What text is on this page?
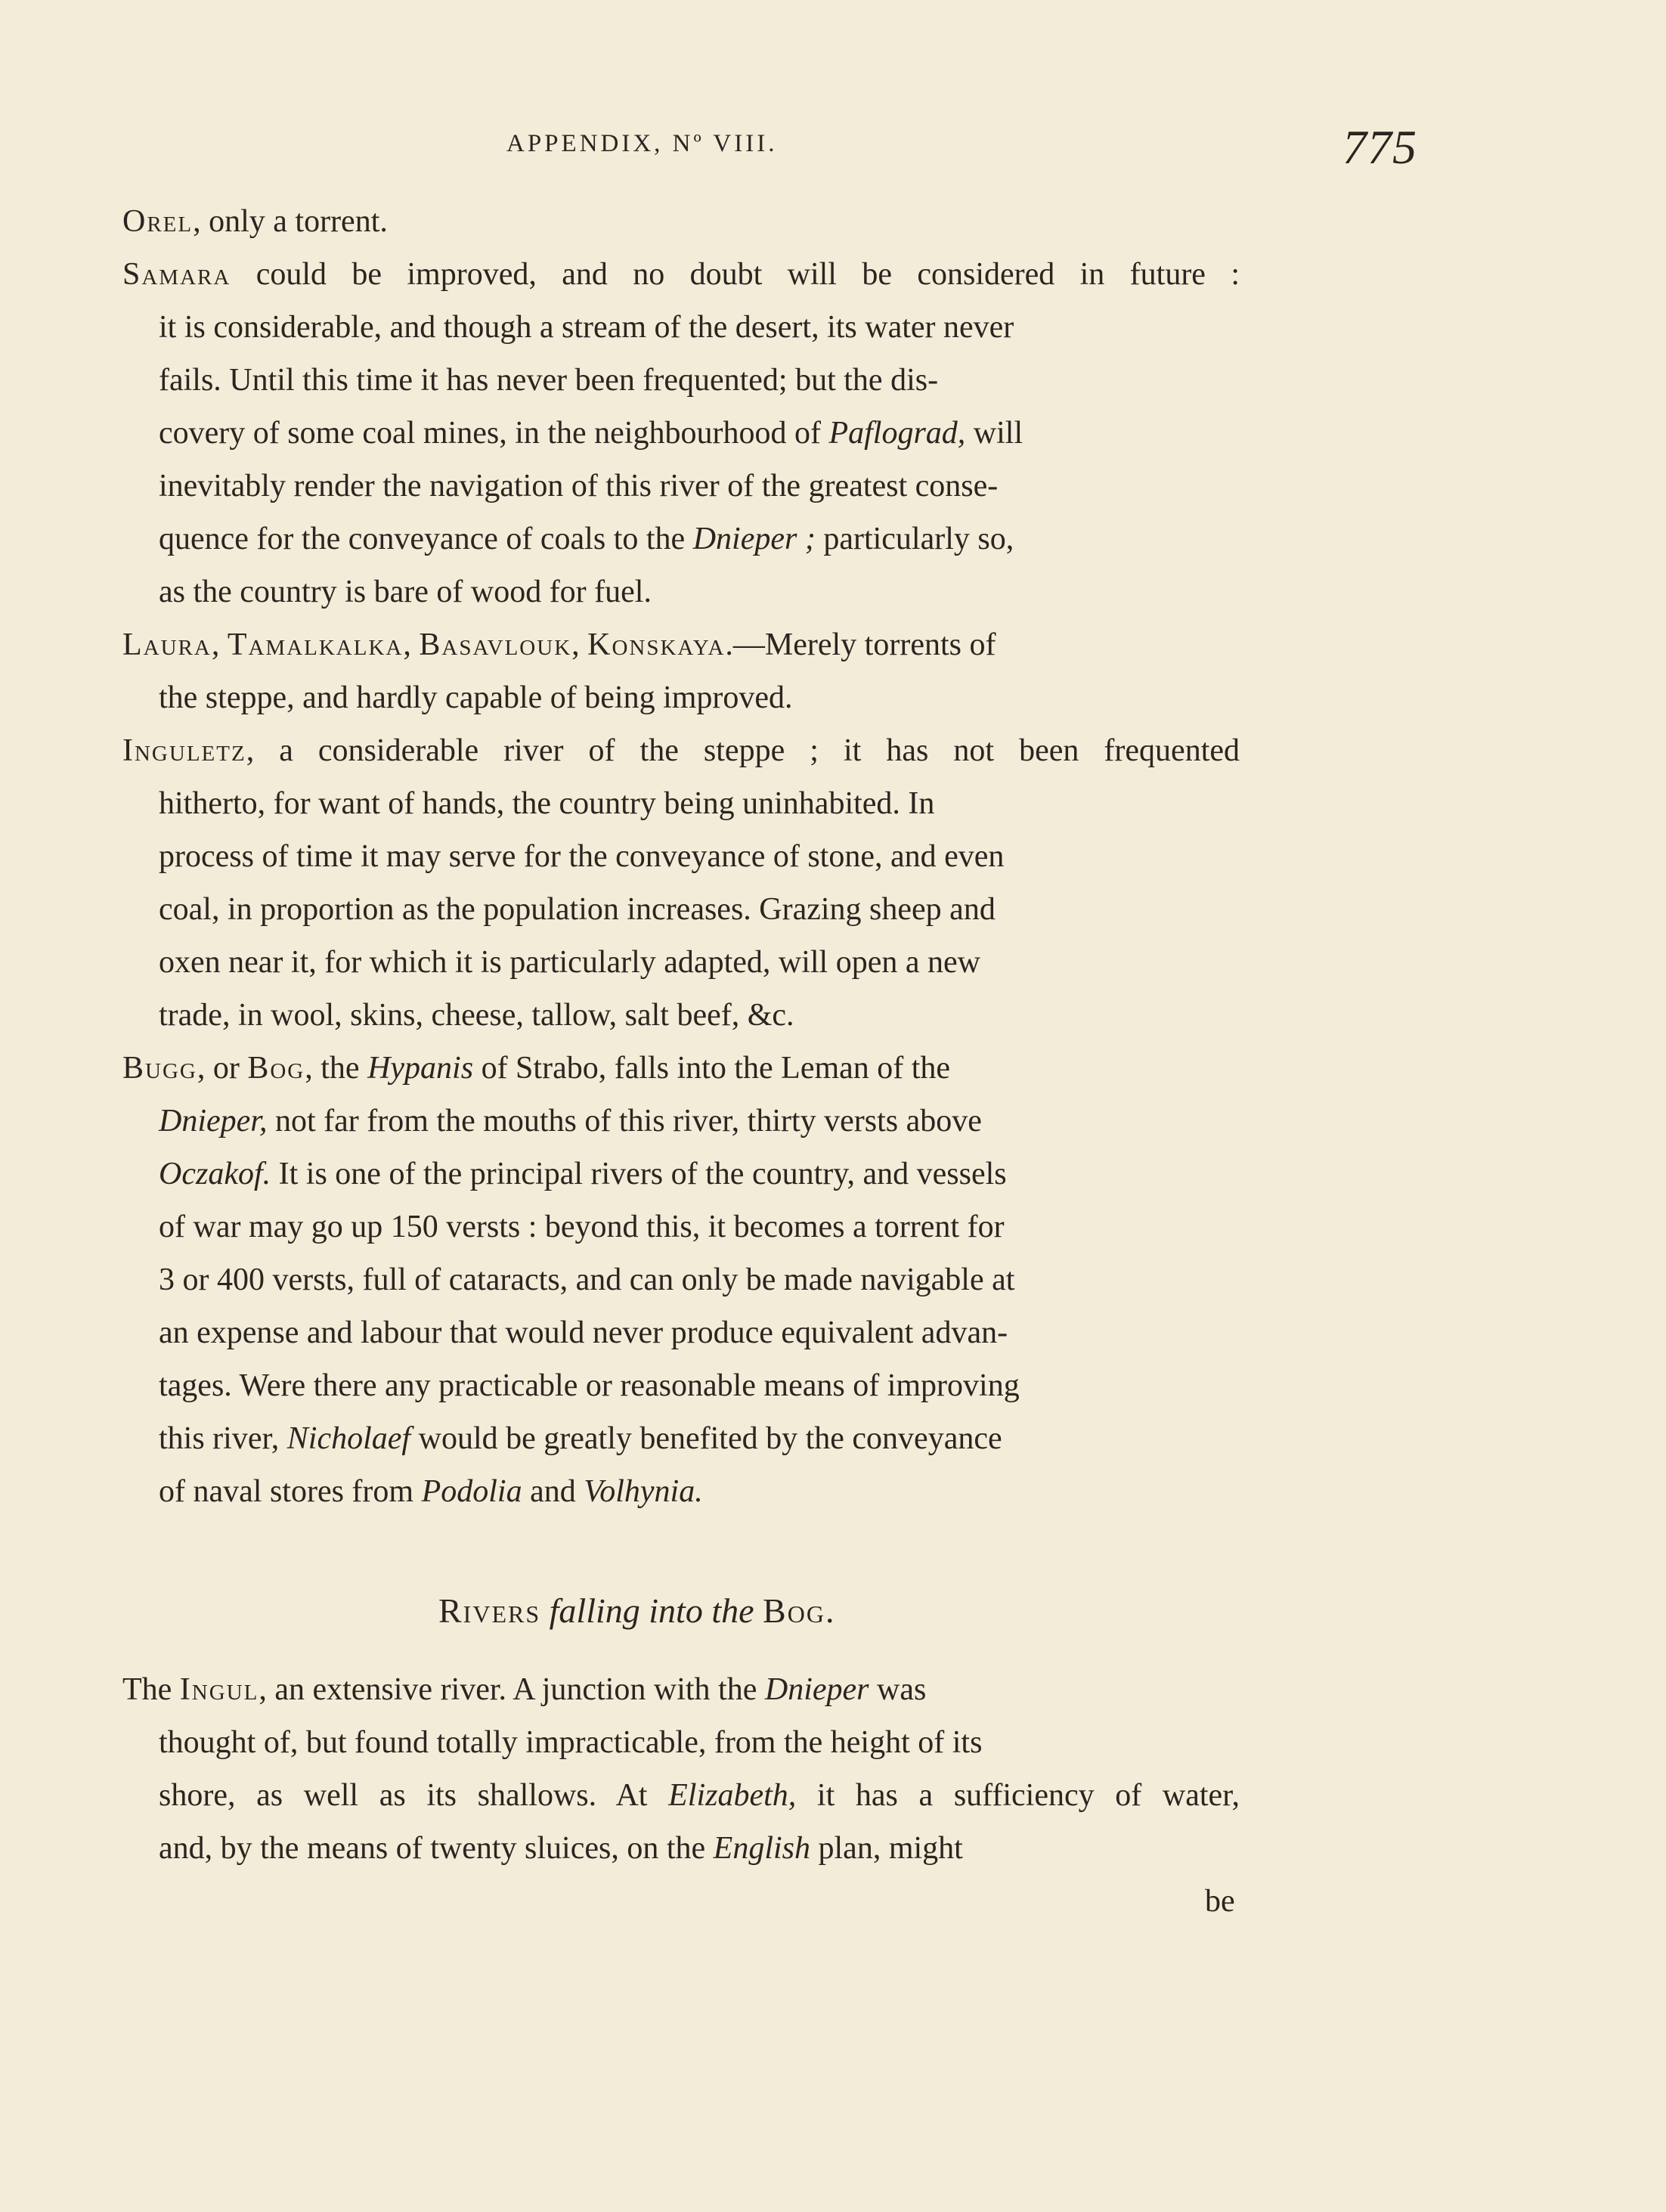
APPENDIX, Nº VIII.	775
Orel, only a torrent.
Samara could be improved, and no doubt will be considered in future :
it is considerable, and though a stream of the desert, its water never
fails. Until this time it has never been frequented; but the dis-
covery of some coal mines, in the neighbourhood of Paflograd, will
inevitably render the navigation of this river of the greatest conse-
quence for the conveyance of coals to the Dnieper ; particularly so,
as the country is bare of wood for fuel.
Laura, Tamalkalka, Basavlouk, Konskaya.—Merely torrents of
the steppe, and hardly capable of being improved.
Inguletz, a considerable river of the steppe ; it has not been frequented
hitherto, for want of hands, the country being uninhabited. In
process of time it may serve for the conveyance of stone, and even
coal, in proportion as the population increases. Grazing sheep and
oxen near it, for which it is particularly adapted, will open a new
trade, in wool, skins, cheese, tallow, salt beef, &c.
Bugg, or Bog, the Hypanis of Strabo, falls into the Leman of the
Dnieper, not far from the mouths of this river, thirty versts above
Oczakof. It is one of the principal rivers of the country, and vessels
of war may go up 150 versts : beyond this, it becomes a torrent for
3 or 400 versts, full of cataracts, and can only be made navigable at
an expense and labour that would never produce equivalent advan-
tages. Were there any practicable or reasonable means of improving
this river, Nicholaef would be greatly benefited by the conveyance
of naval stores from Podolia and Volhynia.
Rivers falling into the Bog.
The Ingul, an extensive river. A junction with the Dnieper was
thought of, but found totally impracticable, from the height of its
shore, as well as its shallows. At Elizabeth, it has a sufficiency of water,
and, by the means of twenty sluices, on the English plan, might
be
